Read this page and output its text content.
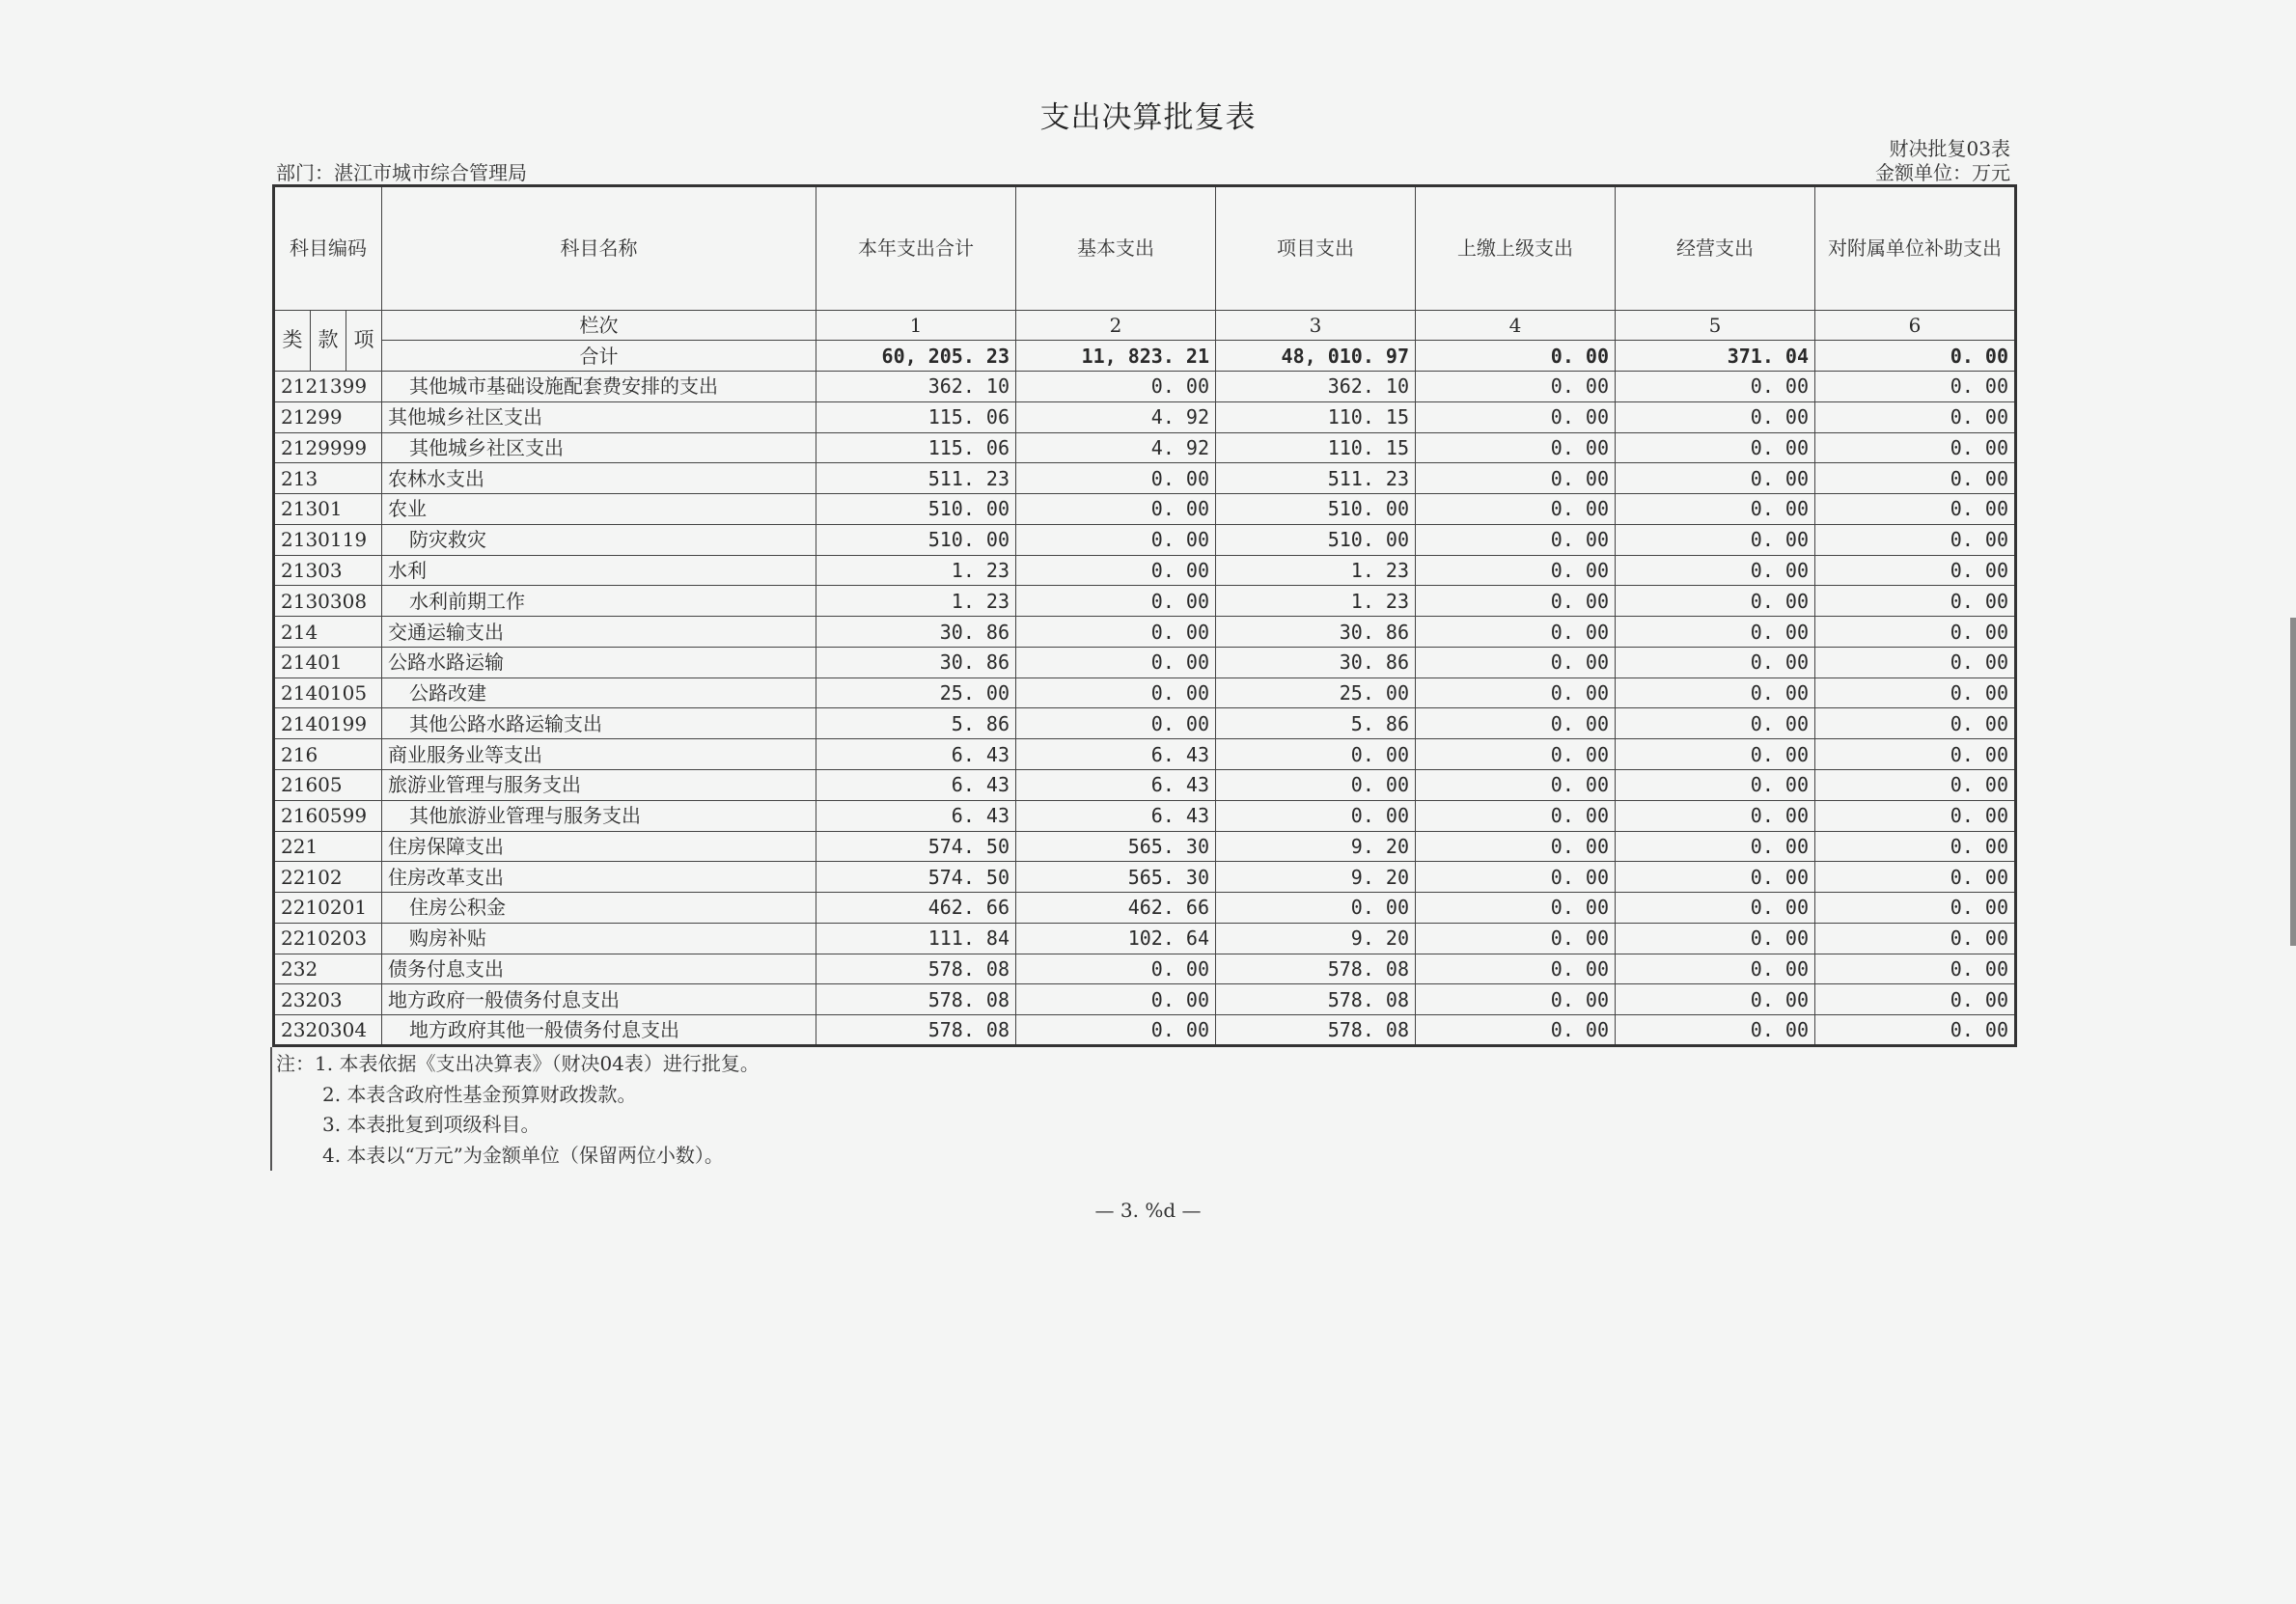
支出决算批复表
财决批复03表
金额单位：万元
部门：湛江市城市综合管理局
科目编码	科目名称	本年支出合计	基本支出	项目支出	上缴上级支出	经营支出	对附属单位补助支出

类 款 项	栏次	1	2	3	4	5	6
	合计	60, 205. 23	11, 823. 21	48, 010. 97	0. 00	371. 04	0. 00
2121399	其他城市基础设施配套费安排的支出	362. 10	0. 00	362. 10	0. 00	0. 00	0. 00
21299	其他城乡社区支出	115. 06	4. 92	110. 15	0. 00	0. 00	0. 00
2129999	其他城乡社区支出	115. 06	4. 92	110. 15	0. 00	0. 00	0. 00
213	农林水支出	511. 23	0. 00	511. 23	0. 00	0. 00	0. 00
21301	农业	510. 00	0. 00	510. 00	0. 00	0. 00	0. 00
2130119	防灾救灾	510. 00	0. 00	510. 00	0. 00	0. 00	0. 00
21303	水利	1. 23	0. 00	1. 23	0. 00	0. 00	0. 00
2130308	水利前期工作	1. 23	0. 00	1. 23	0. 00	0. 00	0. 00
214	交通运输支出	30. 86	0. 00	30. 86	0. 00	0. 00	0. 00
21401	公路水路运输	30. 86	0. 00	30. 86	0. 00	0. 00	0. 00
2140105	公路改建	25. 00	0. 00	25. 00	0. 00	0. 00	0. 00
2140199	其他公路水路运输支出	5. 86	0. 00	5. 86	0. 00	0. 00	0. 00
216	商业服务业等支出	6. 43	6. 43	0. 00	0. 00	0. 00	0. 00
21605	旅游业管理与服务支出	6. 43	6. 43	0. 00	0. 00	0. 00	0. 00
2160599	其他旅游业管理与服务支出	6. 43	6. 43	0. 00	0. 00	0. 00	0. 00
221	住房保障支出	574. 50	565. 30	9. 20	0. 00	0. 00	0. 00
22102	住房改革支出	574. 50	565. 30	9. 20	0. 00	0. 00	0. 00
2210201	住房公积金	462. 66	462. 66	0. 00	0. 00	0. 00	0. 00
2210203	购房补贴	111. 84	102. 64	9. 20	0. 00	0. 00	0. 00
232	债务付息支出	578. 08	0. 00	578. 08	0. 00	0. 00	0. 00
23203	地方政府一般债务付息支出	578. 08	0. 00	578. 08	0. 00	0. 00	0. 00
2320304	地方政府其他一般债务付息支出	578. 08	0. 00	578. 08	0. 00	0. 00	0. 00
注：1. 本表依据《支出决算表》（财决04表）进行批复。
2. 本表含政府性基金预算财政拨款。
3. 本表批复到项级科目。
4. 本表以“万元”为金额单位（保留两位小数）。
— 3. %d —
